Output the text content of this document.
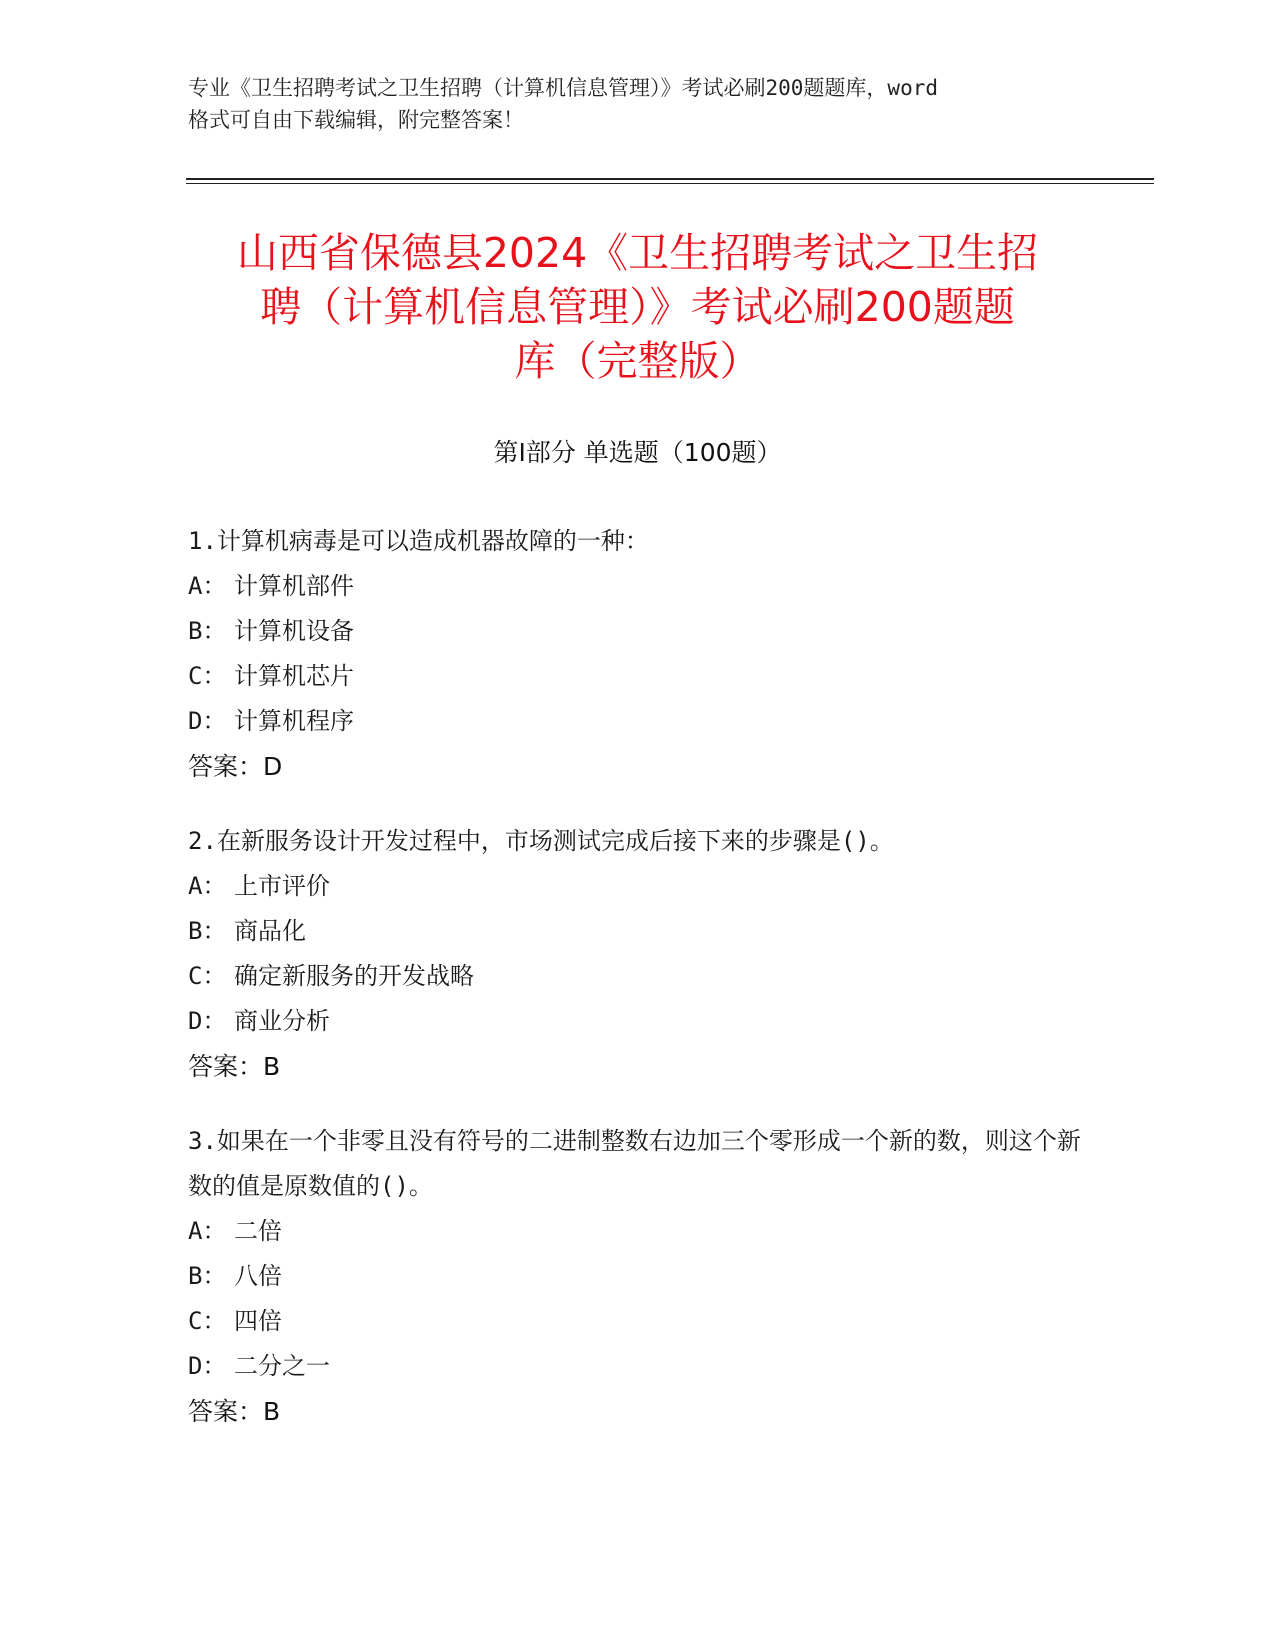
专业《卫生招聘考试之卫生招聘（计算机信息管理）》考试必刷200题题库，word
格式可自由下载编辑，附完整答案！
山西省保德县2024《卫生招聘考试之卫生招
聘（计算机信息管理）》考试必刷200题题
库（完整版）
第Ⅰ部分 单选题（100题）
1.计算机病毒是可以造成机器故障的一种：
A： 计算机部件
B： 计算机设备
C： 计算机芯片
D： 计算机程序
答案：D
2.在新服务设计开发过程中，市场测试完成后接下来的步骤是()。
A： 上市评价
B： 商品化
C： 确定新服务的开发战略
D： 商业分析
答案：B
3.如果在一个非零且没有符号的二进制整数右边加三个零形成一个新的数，则这个新数的值是原数值的()。
A： 二倍
B： 八倍
C： 四倍
D： 二分之一
答案：B
